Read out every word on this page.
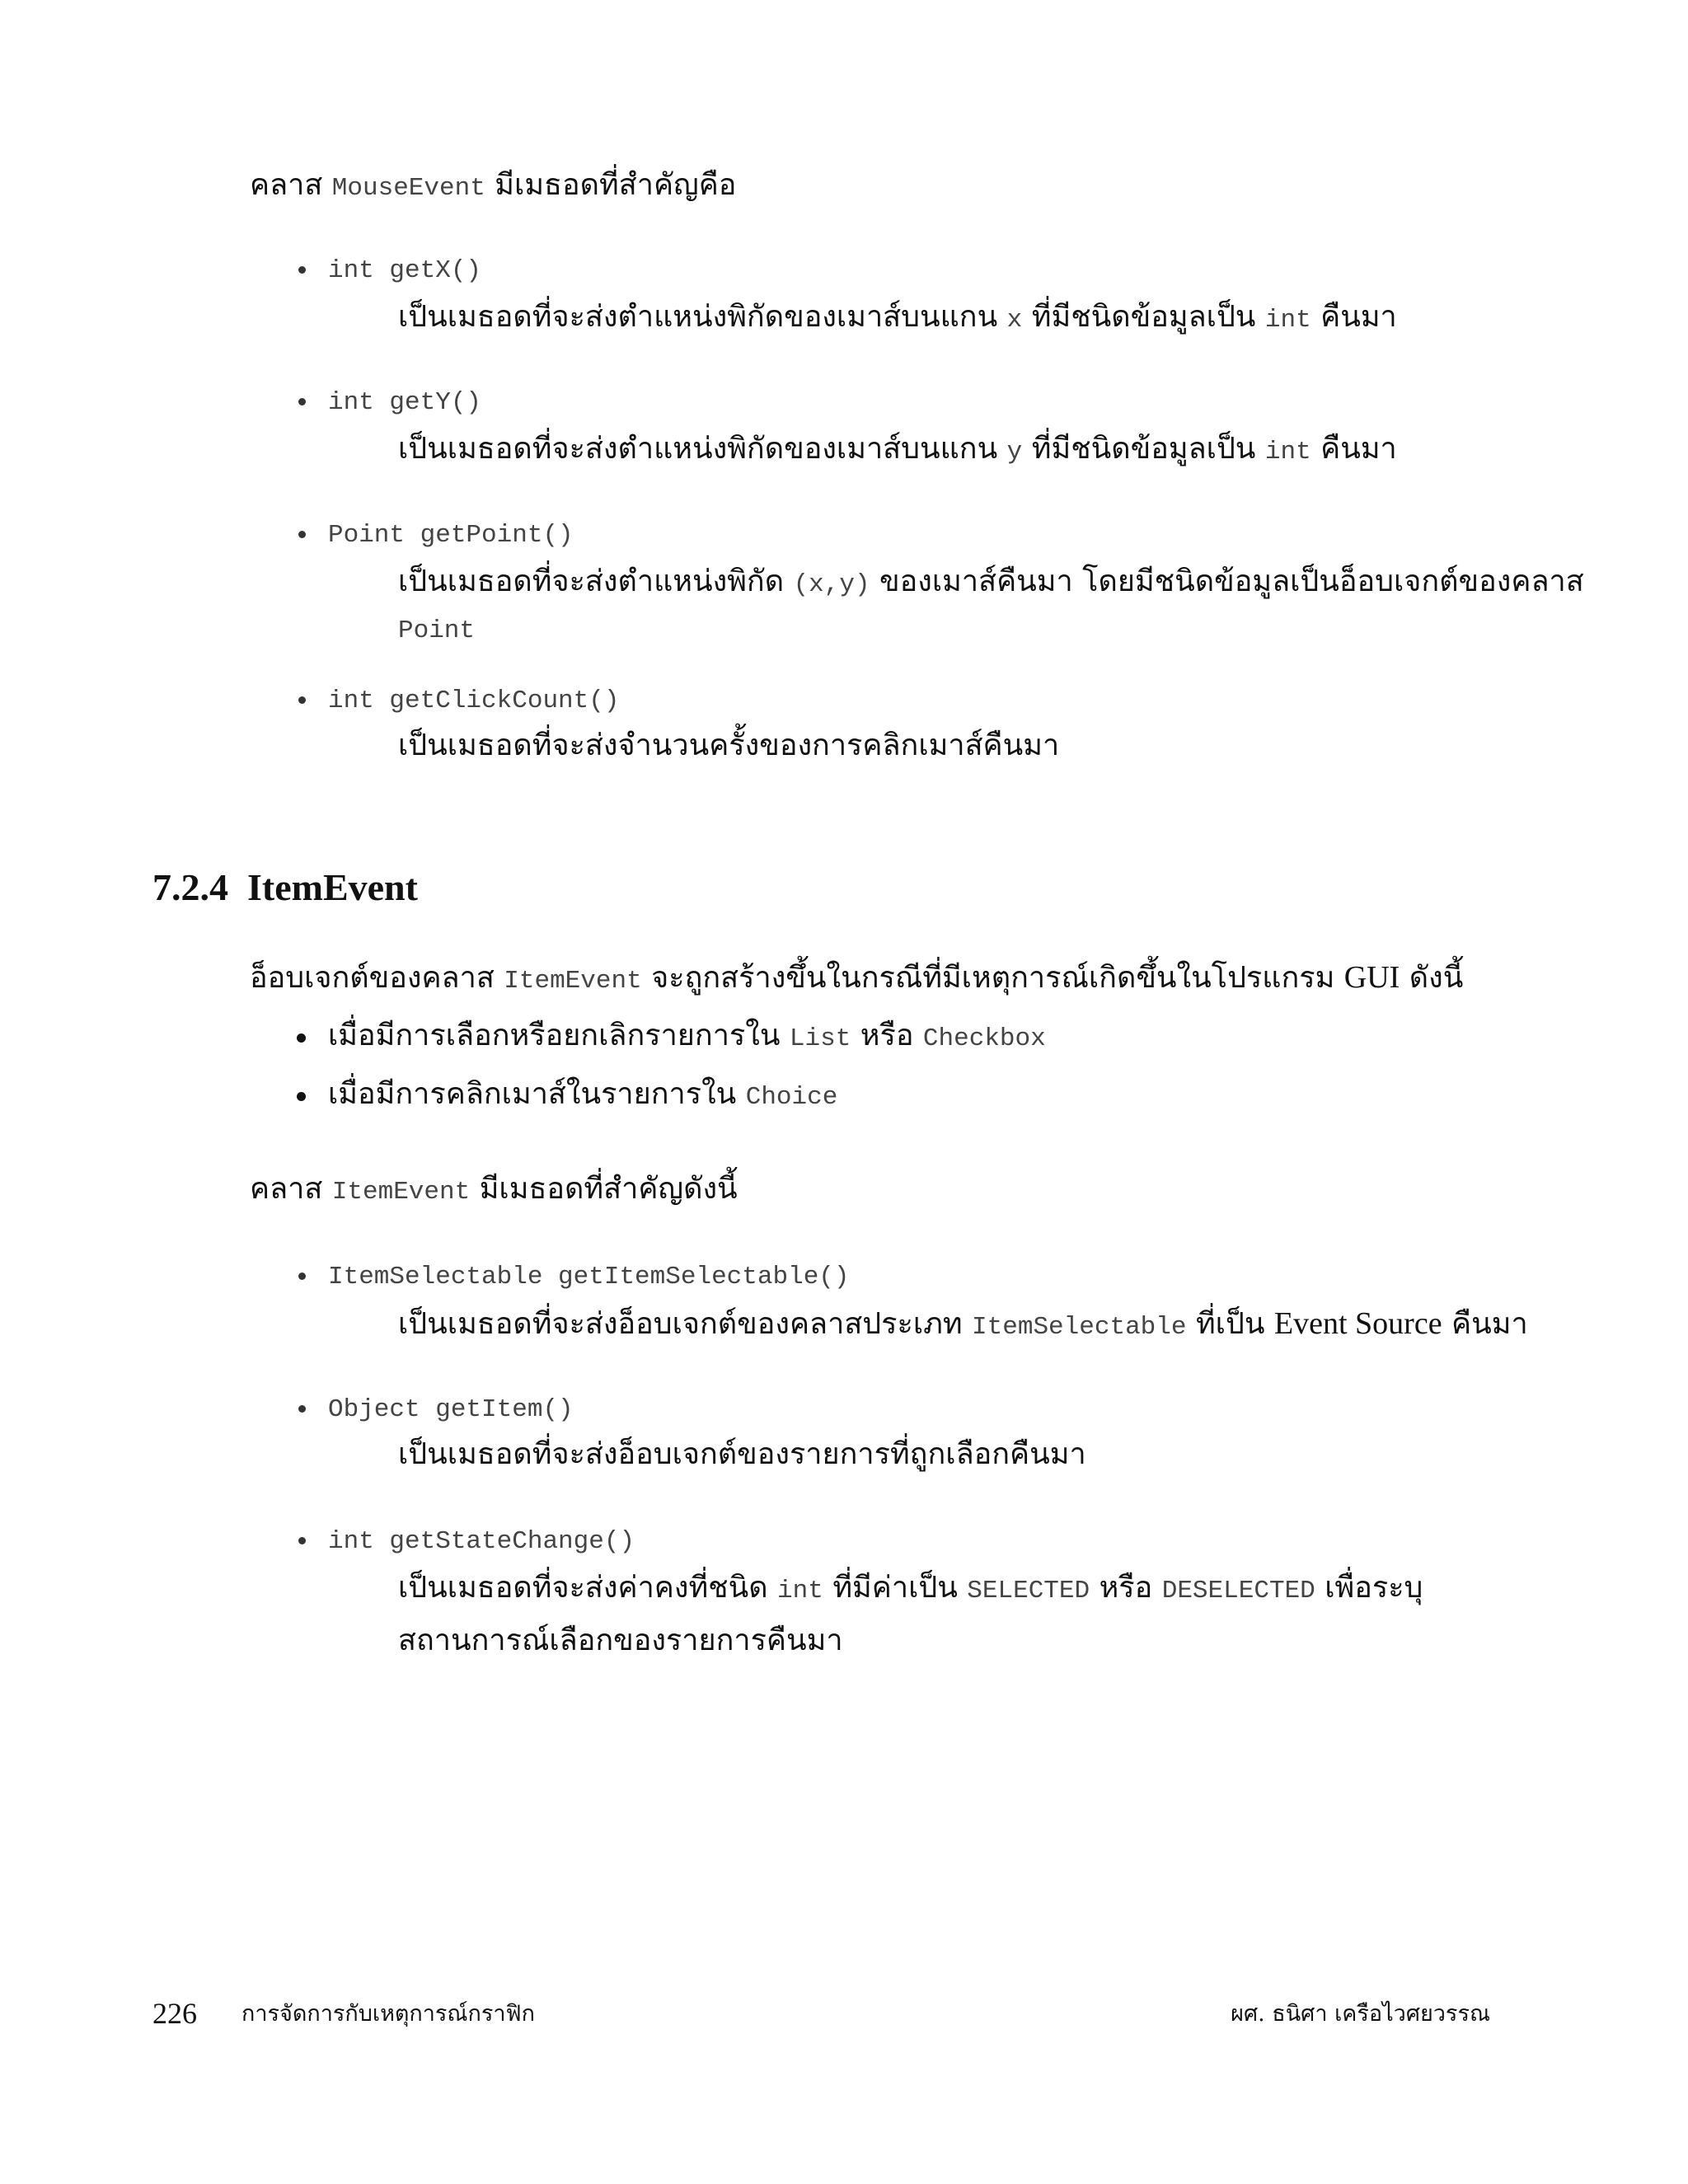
คลาส MouseEvent มีเมธอดที่สำคัญคือ
int getX()
เป็นเมธอดที่จะส่งตำแหน่งพิกัดของเมาส์บนแกน x ที่มีชนิดข้อมูลเป็น int คืนมา
int getY()
เป็นเมธอดที่จะส่งตำแหน่งพิกัดของเมาส์บนแกน y ที่มีชนิดข้อมูลเป็น int คืนมา
Point getPoint()
เป็นเมธอดที่จะส่งตำแหน่งพิกัด (x,y) ของเมาส์คืนมา โดยมีชนิดข้อมูลเป็นอ็อบเจกต์ของคลาส
Point
int getClickCount()
เป็นเมธอดที่จะส่งจำนวนครั้งของการคลิกเมาส์คืนมา
7.2.4 ItemEvent
อ็อบเจกต์ของคลาส ItemEvent จะถูกสร้างขึ้นในกรณีที่มีเหตุการณ์เกิดขึ้นในโปรแกรม GUI ดังนี้
เมื่อมีการเลือกหรือยกเลิกรายการใน List หรือ Checkbox
เมื่อมีการคลิกเมาส์ในรายการใน Choice
คลาส ItemEvent มีเมธอดที่สำคัญดังนี้
ItemSelectable getItemSelectable()
เป็นเมธอดที่จะส่งอ็อบเจกต์ของคลาสประเภท ItemSelectable ที่เป็น Event Source คืนมา
Object getItem()
เป็นเมธอดที่จะส่งอ็อบเจกต์ของรายการที่ถูกเลือกคืนมา
int getStateChange()
เป็นเมธอดที่จะส่งค่าคงที่ชนิด int ที่มีค่าเป็น SELECTED หรือ DESELECTED เพื่อระบุ
สถานการณ์เลือกของรายการคืนมา
226 การจัดการกับเหตุการณ์กราฟิก	ผศ. ธนิศา เครือไวศยวรรณ
